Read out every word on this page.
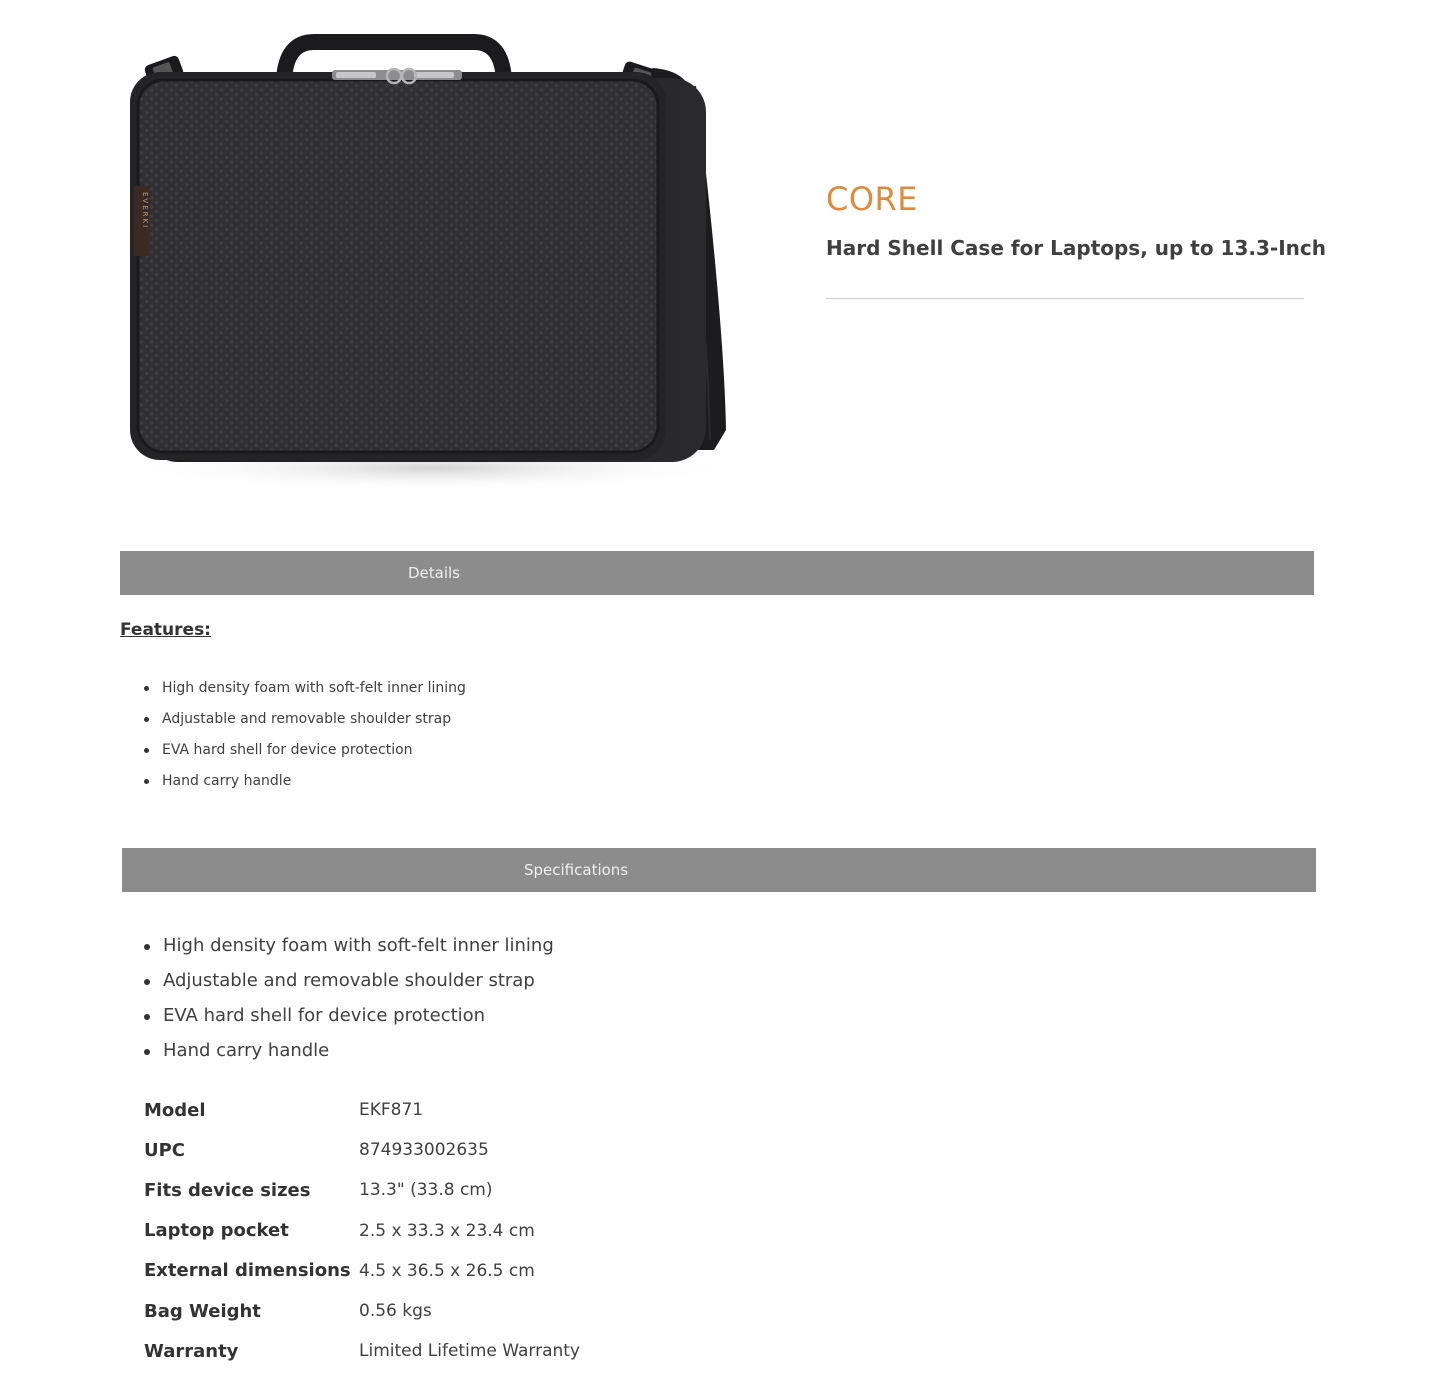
EVERKI	CORE
Hard Shell Case for Laptops, up to 13.3-Inch
Details
Features:
High density foam with soft-felt inner lining
Adjustable and removable shoulder strap
EVA hard shell for device protection
Hand carry handle
Specifications
High density foam with soft-felt inner lining
Adjustable and removable shoulder strap
EVA hard shell for device protection
Hand carry handle
Model	EKF871
UPC	874933002635
Fits device sizes	13.3" (33.8 cm)
Laptop pocket	2.5 x 33.3 x 23.4 cm
External dimensions	4.5 x 36.5 x 26.5 cm
Bag Weight	0.56 kgs
Warranty	Limited Lifetime Warranty
